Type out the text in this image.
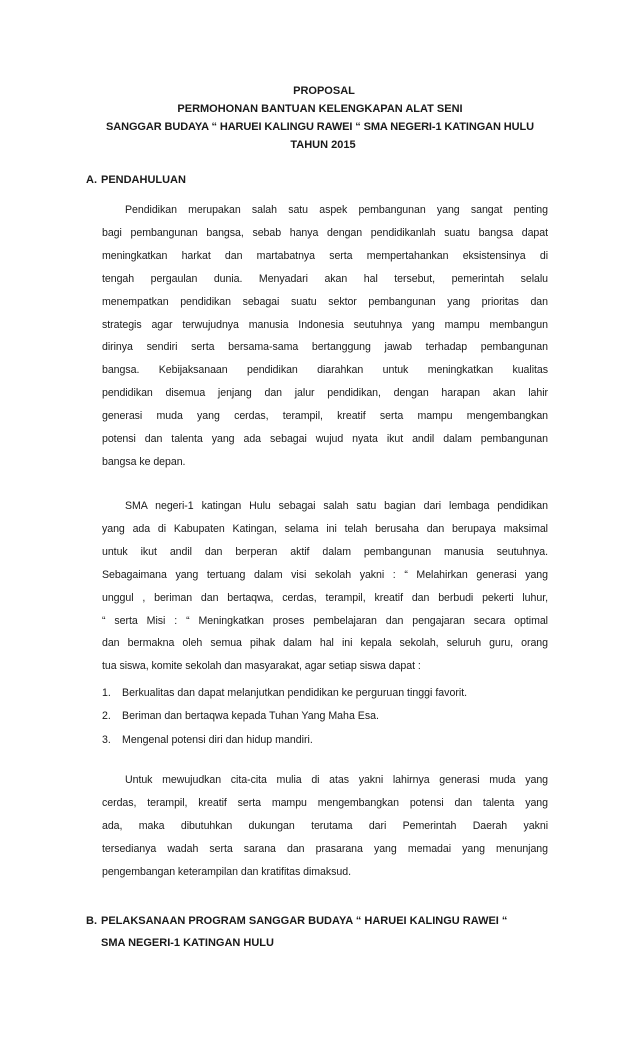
PROPOSAL
PERMOHONAN BANTUAN KELENGKAPAN ALAT SENI
SANGGAR BUDAYA “ HARUEI KALINGU RAWEI “ SMA NEGERI-1 KATINGAN HULU
TAHUN 2015
A. PENDAHULUAN
Pendidikan merupakan salah satu aspek pembangunan yang sangat penting
bagi pembangunan bangsa, sebab hanya dengan pendidikanlah suatu bangsa dapat
meningkatkan harkat dan martabatnya serta mempertahankan eksistensinya di
tengah pergaulan dunia. Menyadari akan hal tersebut, pemerintah selalu
menempatkan pendidikan sebagai suatu sektor pembangunan yang prioritas dan
strategis agar terwujudnya manusia Indonesia seutuhnya yang mampu membangun
dirinya sendiri serta bersama-sama bertanggung jawab terhadap pembangunan
bangsa. Kebijaksanaan pendidikan diarahkan untuk meningkatkan kualitas
pendidikan disemua jenjang dan jalur pendidikan, dengan harapan akan lahir
generasi muda yang cerdas, terampil, kreatif serta mampu mengembangkan
potensi dan talenta yang ada sebagai wujud nyata ikut andil dalam pembangunan
bangsa ke depan.
SMA negeri-1 katingan Hulu sebagai salah satu bagian dari lembaga pendidikan
yang ada di Kabupaten Katingan, selama ini telah berusaha dan berupaya maksimal
untuk ikut andil dan berperan aktif dalam pembangunan manusia seutuhnya.
Sebagaimana yang tertuang dalam visi sekolah yakni : “ Melahirkan generasi yang
unggul , beriman dan bertaqwa, cerdas, terampil, kreatif dan berbudi pekerti luhur,
“ serta Misi : “ Meningkatkan proses pembelajaran dan pengajaran secara optimal
dan bermakna oleh semua pihak dalam hal ini kepala sekolah, seluruh guru, orang
tua siswa, komite sekolah dan masyarakat, agar setiap siswa dapat :
1. Berkualitas dan dapat melanjutkan pendidikan ke perguruan tinggi favorit.
2. Beriman dan bertaqwa kepada Tuhan Yang Maha Esa.
3. Mengenal potensi diri dan hidup mandiri.
Untuk mewujudkan cita-cita mulia di atas yakni lahirnya generasi muda yang
cerdas, terampil, kreatif serta mampu mengembangkan potensi dan talenta yang
ada, maka dibutuhkan dukungan terutama dari Pemerintah Daerah yakni
tersedianya wadah serta sarana dan prasarana yang memadai yang menunjang
pengembangan keterampilan dan kratifitas dimaksud.
B. PELAKSANAAN PROGRAM SANGGAR BUDAYA “ HARUEI KALINGU RAWEI “
SMA NEGERI-1 KATINGAN HULU
